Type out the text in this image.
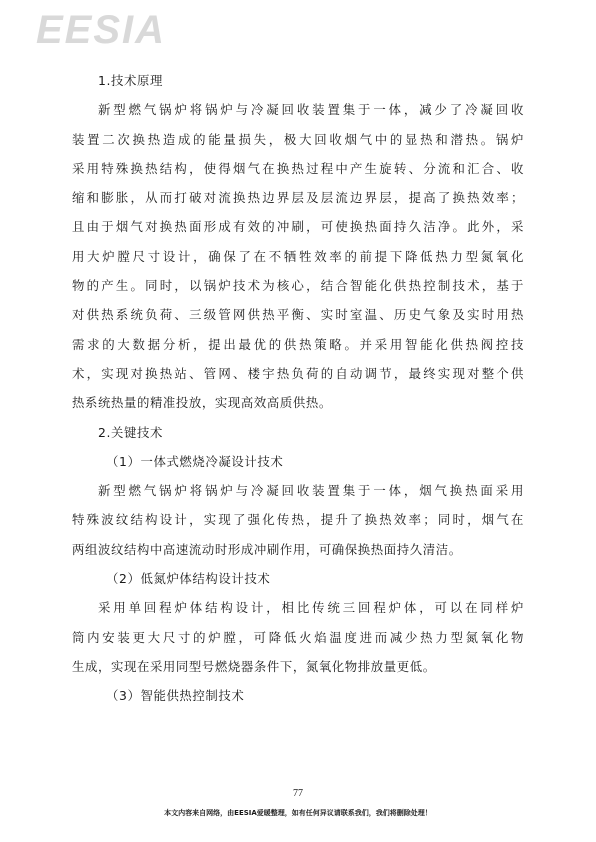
EESIA
1.技术原理
新型燃气锅炉将锅炉与冷凝回收装置集于一体，减少了冷凝回收
装置二次换热造成的能量损失，极大回收烟气中的显热和潜热。锅炉
采用特殊换热结构，使得烟气在换热过程中产生旋转、分流和汇合、收
缩和膨胀，从而打破对流换热边界层及层流边界层，提高了换热效率；
且由于烟气对换热面形成有效的冲刷，可使换热面持久洁净。此外，采
用大炉膛尺寸设计，确保了在不牺牲效率的前提下降低热力型氮氧化
物的产生。同时，以锅炉技术为核心，结合智能化供热控制技术，基于
对供热系统负荷、三级管网供热平衡、实时室温、历史气象及实时用热
需求的大数据分析，提出最优的供热策略。并采用智能化供热阀控技
术，实现对换热站、管网、楼宇热负荷的自动调节，最终实现对整个供
热系统热量的精准投放，实现高效高质供热。
2.关键技术
（1）一体式燃烧冷凝设计技术
新型燃气锅炉将锅炉与冷凝回收装置集于一体，烟气换热面采用
特殊波纹结构设计，实现了强化传热，提升了换热效率；同时，烟气在
两组波纹结构中高速流动时形成冲刷作用，可确保换热面持久清洁。
（2）低氮炉体结构设计技术
采用单回程炉体结构设计，相比传统三回程炉体，可以在同样炉
筒内安装更大尺寸的炉膛，可降低火焰温度进而减少热力型氮氧化物
生成，实现在采用同型号燃烧器条件下，氮氧化物排放量更低。
（3）智能供热控制技术
77
本文内容来自网络，由EESIA爱暖整理，如有任何异议请联系我们，我们将删除处理！
